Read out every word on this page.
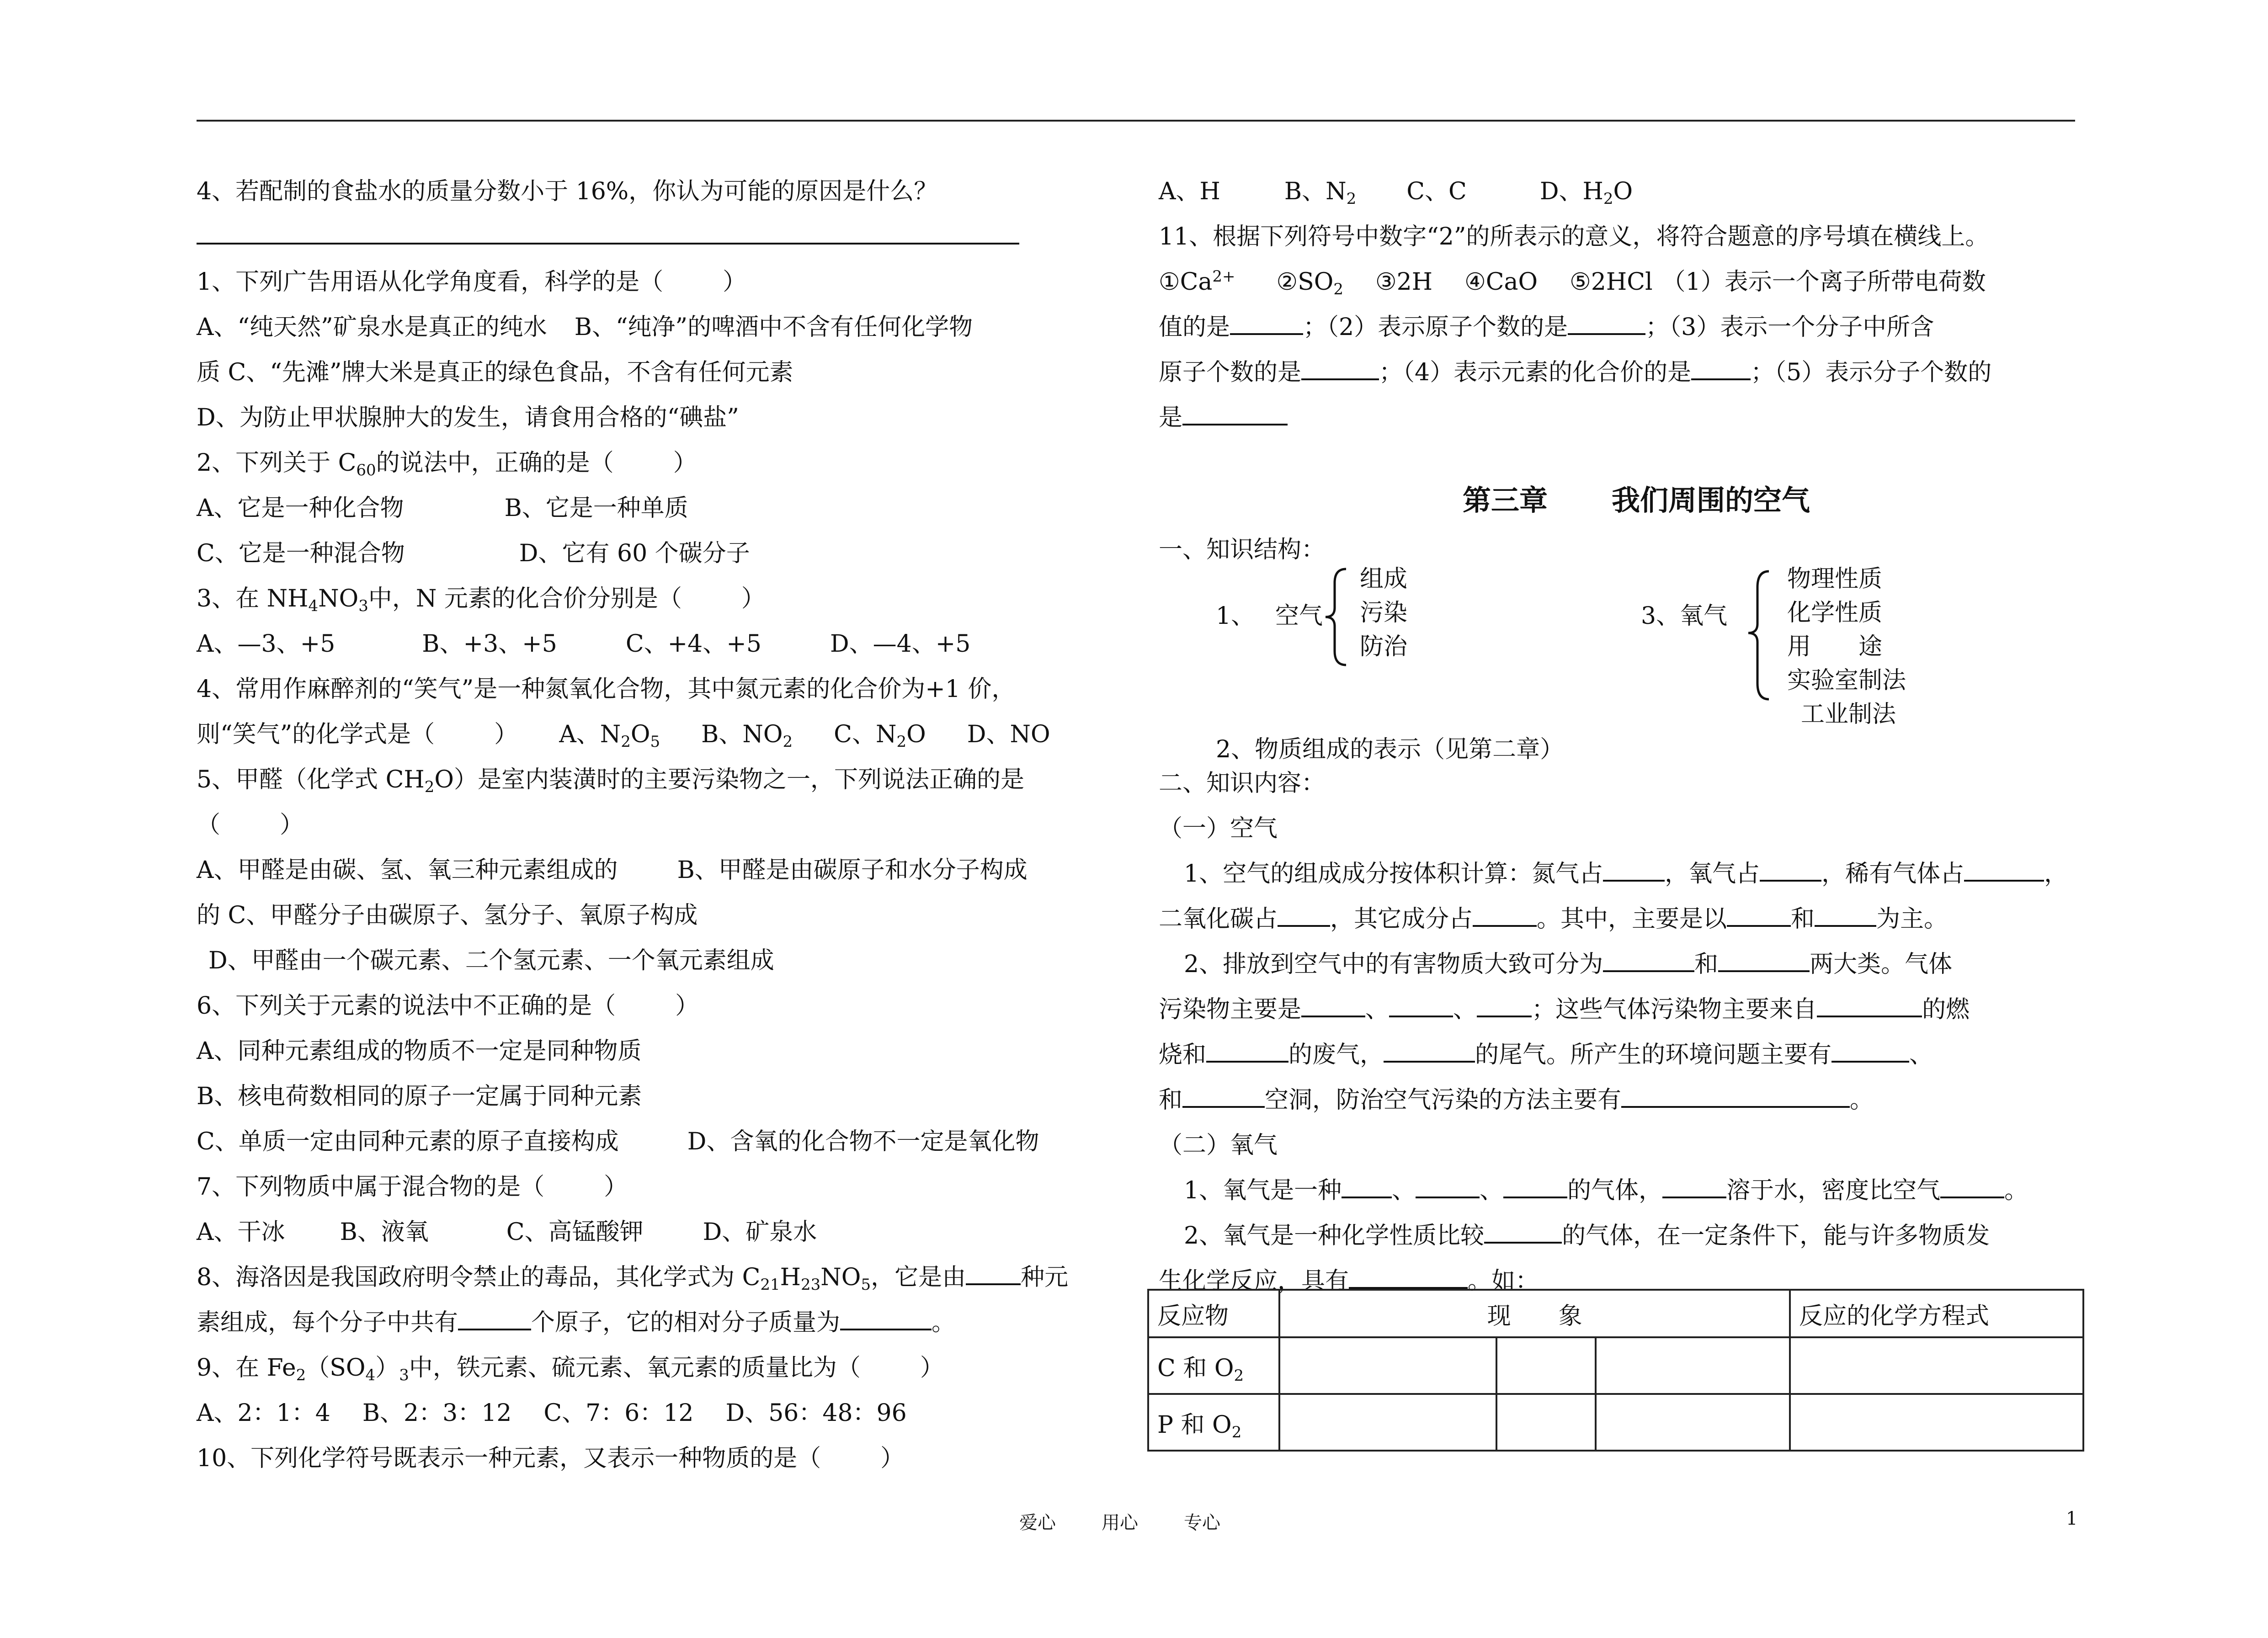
4、若配制的食盐水的质量分数小于 16%，你认为可能的原因是什么？
1、下列广告用语从化学角度看，科学的是（	）
A、“纯天然”矿泉水是真正的纯水 B、“纯净”的啤酒中不含有任何化学物
质 C、“先滩”牌大米是真正的绿色食品，不含有任何元素
D、为防止甲状腺肿大的发生，请食用合格的“碘盐”
2、下列关于 $C_{60}$的说法中，正确的是（	）
A、它是一种化合物	B、它是一种单质
C、它是一种混合物	D、它有 60 个碳分子
3、在 $NH_4NO_3$中，N 元素的化合价分别是（	）
A、—3、+5	B、+3、+5	C、+4、+5	D、—4、+5
4、常用作麻醉剂的“笑气”是一种氮氧化合物，其中氮元素的化合价为+1 价，
则“笑气”的化学式是（	） A、$N_2O_5$ B、$NO_2$ C、$N_2O$ D、NO
5、甲醛（化学式 $CH_2O$）是室内装潢时的主要污染物之一，下列说法正确的是
（	）
A、甲醛是由碳、氢、氧三种元素组成的	B、甲醛是由碳原子和水分子构成
的 C、甲醛分子由碳原子、氢分子、氧原子构成
D、甲醛由一个碳元素、二个氢元素、一个氧元素组成
6、下列关于元素的说法中不正确的是（	）
A、同种元素组成的物质不一定是同种物质
B、核电荷数相同的原子一定属于同种元素
C、单质一定由同种元素的原子直接构成	D、含氧的化合物不一定是氧化物
7、下列物质中属于混合物的是（	）
A、干冰 B、液氧	C、高锰酸钾	D、矿泉水
8、海洛因是我国政府明令禁止的毒品，其化学式为 $C_{21}H_{23}NO_5$，它是由 种元
素组成，每个分子中共有	个原子，它的相对分子质量为	。
9、在 $Fe_2(SO_4)_3$中，铁元素、硫元素、氧元素的质量比为（	）
A、2：1：4 B、2：3：12 C、7：6：12 D、56：48：96
10、下列化学符号既表示一种元素，又表示一种物质的是（	）
A、H	B、$N_2$ C、C	D、$H_2O$
11、根据下列符号中数字“2”的所表示的意义，将符合题意的序号填在横线上。
$①Ca^{2+}$ $②SO_2$ ③2H ④CaO ⑤2HCl （1）表示一个离子所带电荷数
值的是	；（2）表示原子个数的是	；（3）表示一个分子中所含
原子个数的是	；（4）表示元素的化合价的是	；（5）表示分子个数的
是
第三章 我们周围的空气
一、知识结构：
1、 空气
组成
污染
防治
3、氧气
物理性质
化学性质
用　　途
实验室制法
工业制法
2、物质组成的表示（见第二章）
二、知识内容：
（一）空气
1、空气的组成成分按体积计算：氮气占	，氧气占	，稀有气体占	，
二氧化碳占 ，其它成分占	。其中，主要是以	和	为主。
2、排放到空气中的有害物质大致可分为	和	两大类。气体
污染物主要是	、	、 ；这些气体污染物主要来自	的燃
烧和	的废气，	的尾气。所产生的环境问题主要有	、
和	空洞，防治空气污染的方法主要有	。
（二）氧气
1、氧气是一种 、	、	的气体，	溶于水，密度比空气	。
2、氧气是一种化学性质比较	的气体，在一定条件下，能与许多物质发
生化学反应，具有	。如：
反应物	现　　象			反应的化学方程式
C 和 $O_2$				
P 和 $O_2$				
爱心	用心	专心	1
